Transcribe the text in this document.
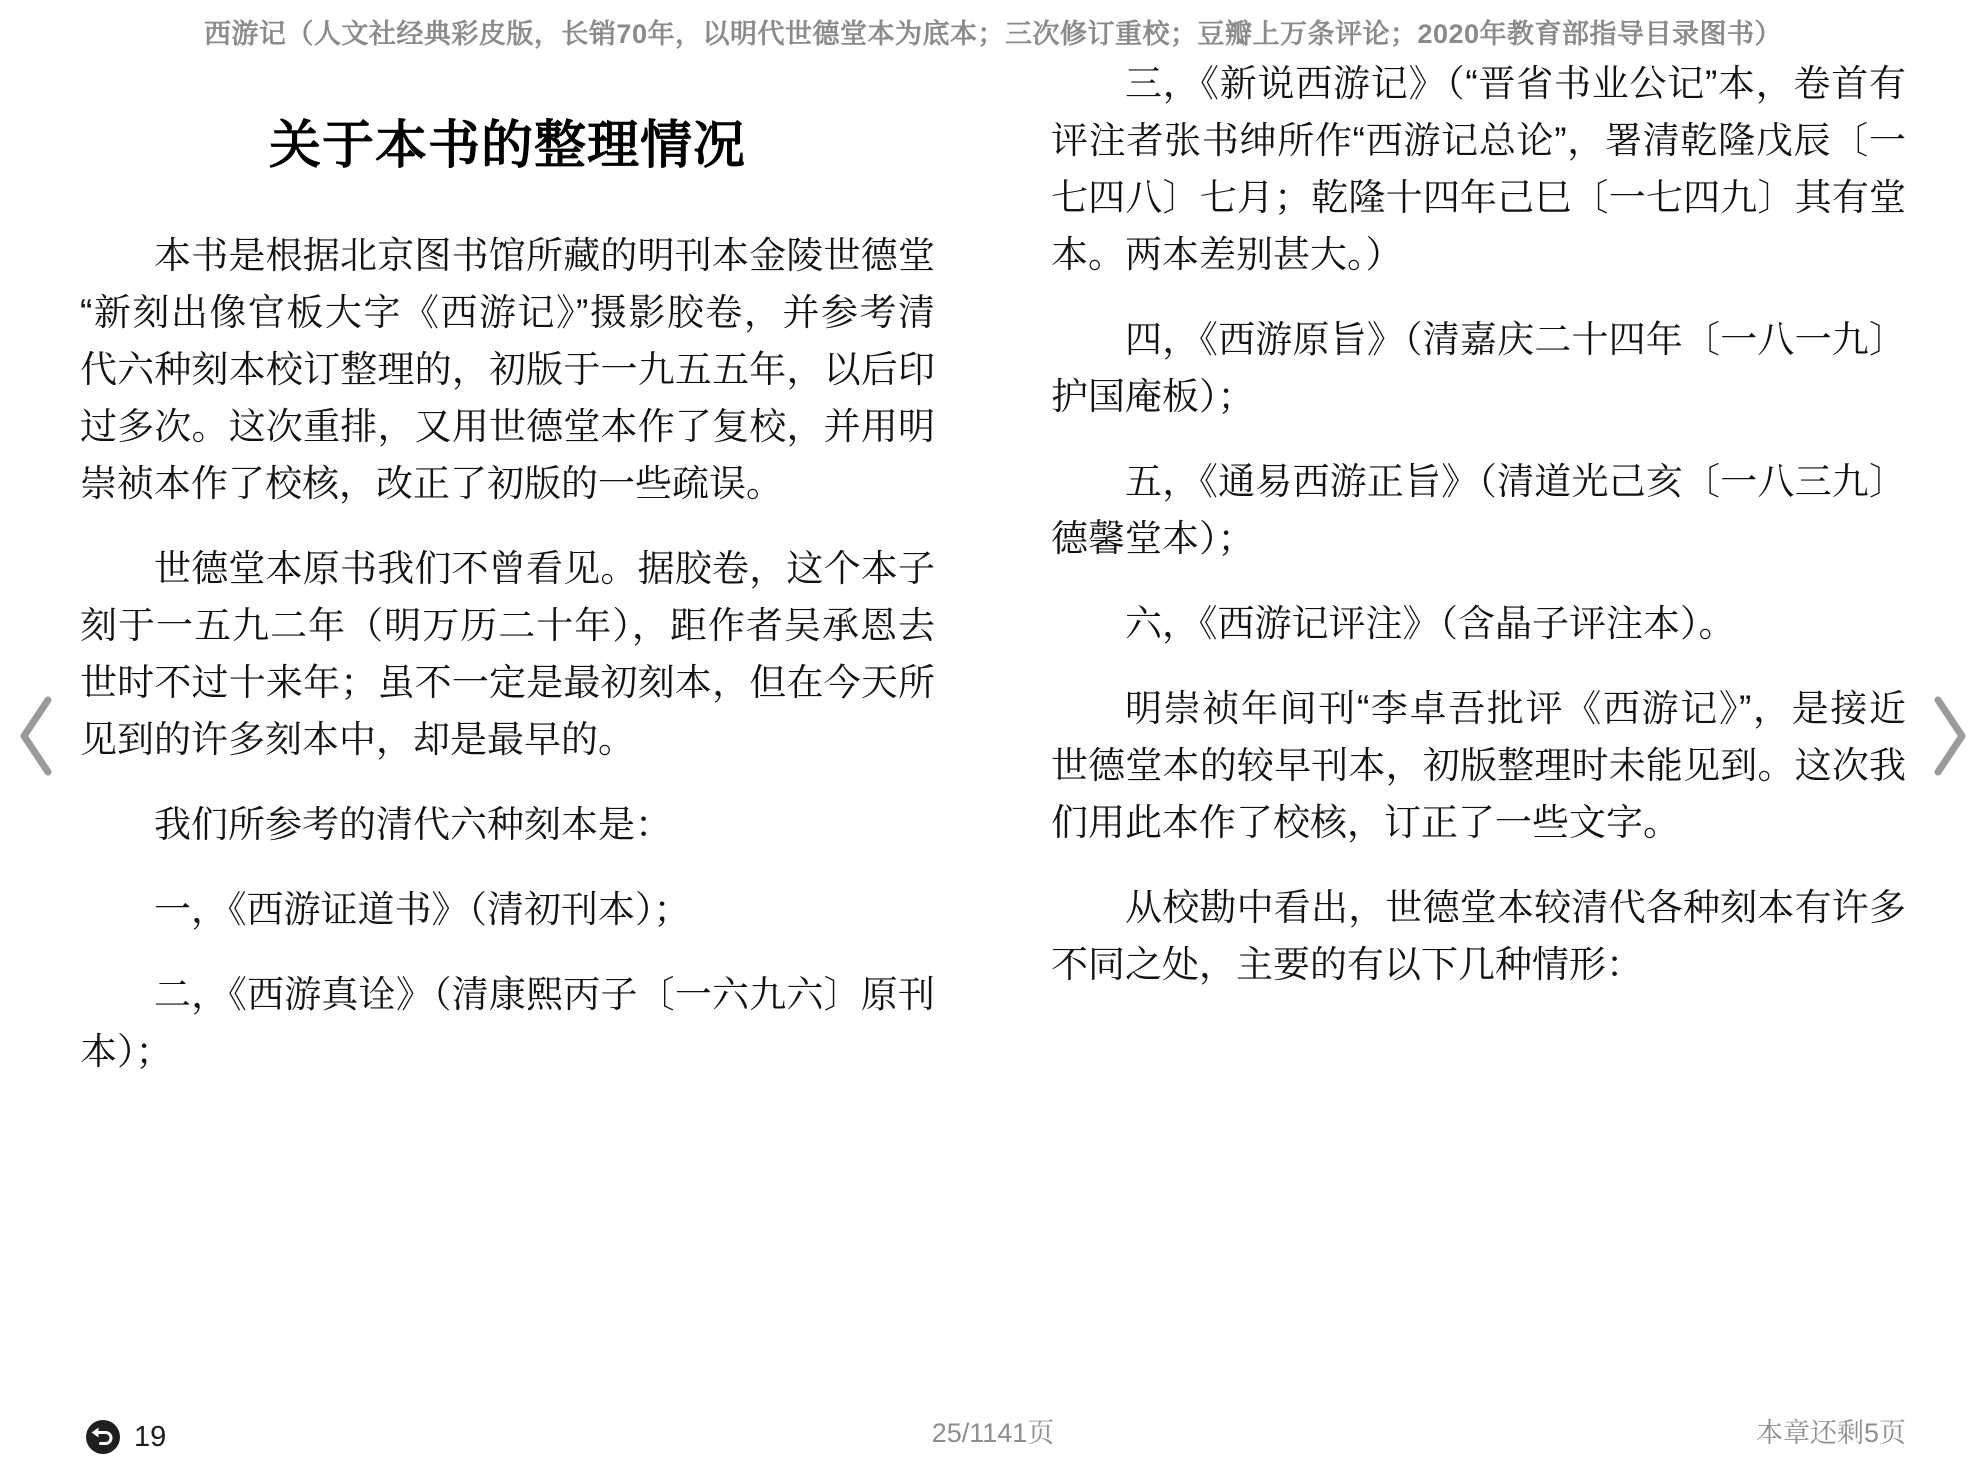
西游记（人文社经典彩皮版，长销70年，以明代世德堂本为底本；三次修订重校；豆瓣上万条评论；2020年教育部指导目录图书）
关于本书的整理情况

本书是根据北京图书馆所藏的明刊本金陵世德堂“新刻出像官板大字《西游记》”摄影胶卷，并参考清代六种刻本校订整理的，初版于一九五五年，以后印过多次。这次重排，又用世德堂本作了复校，并用明崇祯本作了校核，改正了初版的一些疏误。

世德堂本原书我们不曾看见。据胶卷，这个本子刻于一五九二年（明万历二十年），距作者吴承恩去世时不过十来年；虽不一定是最初刻本，但在今天所见到的许多刻本中，却是最早的。

我们所参考的清代六种刻本是：

一，《西游证道书》（清初刊本）；

二，《西游真诠》（清康熙丙子〔一六九六〕原刊本）；

三，《新说西游记》（“晋省书业公记”本，卷首有评注者张书绅所作“西游记总论”，署清乾隆戊辰〔一七四八〕七月；乾隆十四年己巳〔一七四九〕其有堂本。两本差别甚大。）

四，《西游原旨》（清嘉庆二十四年〔一八一九〕护国庵板）；

五，《通易西游正旨》（清道光己亥〔一八三九〕德馨堂本）；

六，《西游记评注》（含晶子评注本）。

明崇祯年间刊“李卓吾批评《西游记》”，是接近世德堂本的较早刊本，初版整理时未能见到。这次我们用此本作了校核，订正了一些文字。

从校勘中看出，世德堂本较清代各种刻本有许多不同之处，主要的有以下几种情形：

19	25/1141页	本章还剩5页
